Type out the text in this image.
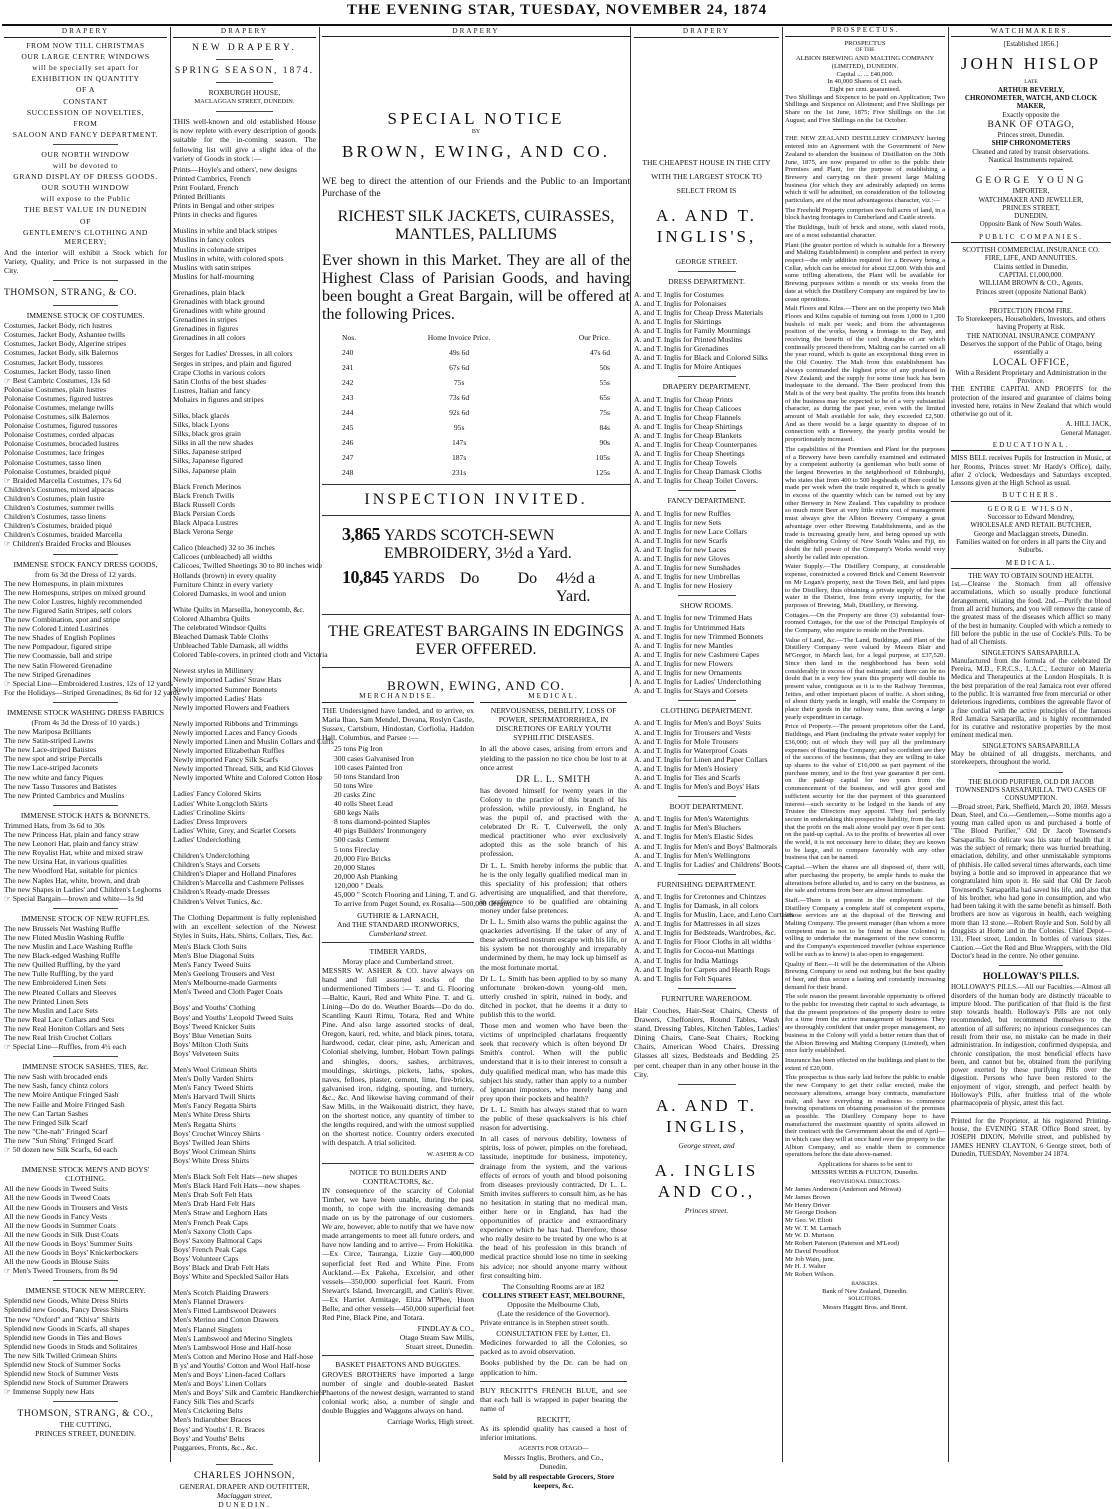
THE EVENING STAR, TUESDAY, NOVEMBER 24, 1874
DRAPERY
FROM NOW TILL CHRISTMAS
OUR LARGE CENTRE WINDOWS
will be specially set apart for
EXHIBITION IN QUANTITY
OF A
CONSTANT
SUCCESSION OF NOVELTIES,
FROM
SALOON AND FANCY DEPARTMENT.
OUR NORTH WINDOW
will be devoted to
GRAND DISPLAY OF DRESS GOODS.
OUR SOUTH WINDOW
will expose to the Public
THE BEST VALUE IN DUNEDIN
OF
GENTLEMEN'S CLOTHING AND MERCERY;
And the interior will exhibit a Stock which for Variety, Quality, and Price is not surpassed in the City.
THOMSON, STRANG, & CO.
IMMENSE STOCK OF COSTUMES.
Costumes, Jacket Body, rich lustres
Costumes, Jacket Body, Ashantee twills
Costumes, Jacket Body, Algerine stripes
Costumes, Jacket Body, silk Balernos
Costumes, Jacket Body, tussores
Costumes, Jacket Body, tasso linen
☞ Best Cambric Costumes, 13s 6d
Polonaise Costumes, plain lustres
Polonaise Costumes, figured lustres
Polonaise Costumes, melange twills
Polonaise Costumes, silk Balernos
Polonaise Costumes, figured tussores
Polonaise Costumes, corded alpacas
Polonaise Costumes, brocaded lustres
Polonaise Costumes, lace fringes
Polonaise Costumes, tasso linen
Polonaise Costumes, braided piqué
☞ Braided Marcella Costumes, 17s 6d
Children's Costumes, mixed alpacas
Children's Costumes, plain lustre
Children's Costumes, summer twills
Children's Costumes, tasso linens
Children's Costumes, braided piqué
Children's Costumes, braided Marcella
☞ Children's Braided Frocks and Blouses
IMMENSE STOCK FANCY DRESS GOODS,
from 6s 3d the Dress of 12 yards.
The new Homespuns, in plain mixtures
The new Homespuns, stripes on mixed ground
The new Color Lustres, highly recommended
The new Figured Satin Stripes, self colors
The new Combination, spot and stripe
The new Colored Linted Lustrines
The new Shades of English Poplines
The new Pompadour, figured stripe
The new Coomassie, ball and stripe
The new Satin Flowered Grenadine
The new Striped Grenadines
☞ Special Line—Embroidered Lustres, 12s of 12 yards
For the Holidays—Striped Grenadines, 8s 6d for 12 yards
IMMENSE STOCK WASHING DRESS FABRICS
(From 4s 3d the Dress of 10 yards.)
The new Mariposa Brilliants
The new Satin-striped Lawns
The new Lace-striped Batistes
The new spot and stripe Percalls
The new Lace-striped Jaconets
The new white and fancy Piques
The new Tasso Tussores and Batistes
The new Printed Cambrics and Muslins
IMMENSE STOCK HATS & BONNETS.
Trimmed Hats, from 3s 6d to 30s
The new Princess Hat, plain and fancy straw
The new Leonori Hat, plain and fancy straw
The new Royalist Hat, white and mixed straw
The new Ursina Hat, in various qualities
The new Woodford Hat, suitable for picnics
The new Naples Hat, white, brown, and drab
The new Shapes in Ladies' and Children's Leghorns
☞ Special Bargain—brown and white—1s 9d
IMMENSE STOCK OF NEW RUFFLES.
The new Brussels Net Washing Ruffle
The new Fluted Muslin Washing Ruffle
The new Muslin and Lace Washing Ruffle
The new Black-edged Washing Ruffle
The new Quilled Ruffling, by the yard
The new Tulle Ruffling, by the yard
The new Embroidered Linen Sets
The new Pleated Collars and Sleeves
The new Printed Linen Sets
The new Muslin and Lace Sets
The new Real Lace Collars and Sets
The new Real Honiton Collars and Sets
The new Real Irish Crochet Collars
☞ Special Line—Ruffles, from 4½ each
IMMENSE STOCK SASHES, TIES, &c.
The new Sash with brocaded ends
The new Sash, fancy chintz colors
The new Moire Antique Fringed Sash
The new Faille and Moire Fringed Sash
The new Can Tartan Sashes
The new Fringed Silk Scarf
The new "Che-nah" Fringed Scarf
The new "Sun Shing" Fringed Scarf
☞ 50 dozen new Silk Scarfs, 6d each
IMMENSE STOCK MEN'S AND BOYS' CLOTHING.
All the new Goods in Tweed Suits
All the new Goods in Tweed Coats
All the new Goods in Trousers and Vests
All the new Goods in Fancy Vests
All the new Goods in Summer Coats
All the new Goods in Silk Dust Coats
All the new Goods in Boys' Summer Suits
All the new Goods in Boys' Knickerbockers
All the new Goods in Blouse Suits
☞ Men's Tweed Trousers, from 8s 9d
IMMENSE STOCK NEW MERCERY.
Splendid new Goods, White Dress Shirts
Splendid new Goods, Fancy Dress Shirts
The new "Oxford" and "Khiva" Shirts
Splendid new Goods in Scarfs, all shapes
Splendid new Goods in Ties and Bows
Splendid new Goods in Studs and Solitaires
The new Silk Twilled Crimean Shirts
Splendid new Stock of Summer Socks
Splendid new Stock of Summer Vests
Splendid new Stock of Summer Drawers
☞ Immense Supply new Hats
THOMSON, STRANG, & CO.,
THE CUTTING,
PRINCES STREET, DUNEDIN.
DRAPERY
NEW DRAPERY.
SPRING SEASON, 1874.
ROXBURGH HOUSE,
MACLAGGAN STREET, DUNEDIN.
THIS well-known and old established House is now replete with every description of goods suitable for the in-coming season. The following list will give a slight idea of the variety of Goods in stock :—
Prints—Hoyle's and others', new designs
Printed Cambrics, French
Print Foulard, French
Printed Brilliants
Prints in Bengal and other stripes
Prints in checks and figures
Muslins in white and black stripes
Muslins in fancy colors
Muslins in colonade stripes
Muslins in white, with colored spots
Muslins with satin stripes
Muslins for half-mourning
Grenadines, plain black
Grenadines with black ground
Grenadines with white ground
Grenadines in stripes
Grenadines in figures
Grenadines in all colors
Serges for Ladies' Dresses, in all colors
Serges in stripes, and plain and figured
Crape Cloths in various colors
Satin Cloths of the best shades
Lustres, Italian and fancy
Mohairs in figures and stripes
Silks, black glacés
Silks, black Lyons
Silks, black gros grain
Silks in all the new shades
Silks, Japanese striped
Silks, Japanese figured
Silks, Japanese plain
Black French Merinos
Black French Twills
Black Russell Cords
Black Persian Cords
Black Alpaca Lustres
Black Verona Serge
Calico (bleached) 32 to 36 inches
Calicoes (unbleached) all widths
Calicoes, Twilled Sheetings 30 to 80 inches wide
Hollands (brown) in every quality
Furniture Chintz in every variety
Colored Damasks, in wool and union
White Quilts in Marseilla, honeycomb, &c.
Colored Alhambra Quilts
The celebrated Windsor Quilts
Bleached Damask Table Cloths
Unbleached Table Damask, all widths
Colored Table-covers, in printed cloth and Victoria
Newest styles in Millinery
Newly imported Ladies' Straw Hats
Newly imported Summer Bonnets
Newly imported Ladies' Hats
Newly imported Flowers and Feathers
Newly imported Ribbons and Trimmings
Newly imported Laces and Fancy Goods
Newly imported Linen and Muslin Collars and Cuffs
Newly imported Elizabethan Ruffles
Newly imported Fancy Silk Scarfs
Newly imported Thread, Silk, and Kid Gloves
Newly imported White and Colored Cotton Hose
Ladies' Fancy Colored Skirts
Ladies' White Longcloth Skirts
Ladies' Crinoline Skirts
Ladies' Dress Improvers
Ladies' White, Grey, and Scarlet Corsets
Ladies' Underclothing
Children's Underclothing
Children's Stays and Corsets
Children's Diaper and Holland Pinafores
Children's Marcella and Cashmere Pelisses
Children's Ready-made Dresses
Children's Velvet Tunics, &c.
The Clothing Department is fully replenished with an excellent selection of the Newest Styles in Suits, Hats, Shirts, Collars, Ties, &c.
Men's Black Cloth Suits
Men's Blue Diagonal Suits
Men's Fancy Tweed Suits
Men's Geelong Trousers and Vest
Men's Melbourne-made Garments
Men's Tweed and Cloth Paget Coats
Boys' and Youths' Clothing
Boys' and Youths' Leopold Tweed Suits
Boys' Tweed Knicker Suits
Boys' Blue Venetian Suits
Boys' Milton Cloth Suits
Boys' Velveteen Suits
Men's Wool Crimean Shirts
Men's Dolly Varden Shirts
Men's Fancy Tweed Shirts
Men's Harvard Twill Shirts
Men's Fancy Regatta Shirts
Men's White Dress Shirts
Men's Regatta Shirts
Boys' Crochet Wincey Shirts
Boys' Twilled Jean Shirts
Boys' Wool Crimean Shirts
Boys' White Dress Shirts
Men's Black Soft Felt Hats—new shapes
Men's Black Hard Felt Hats—new shapes
Men's Drab Soft Felt Hats
Men's Drab Hard Felt Hats
Men's Straw and Leghorn Hats
Men's French Peak Caps
Men's Saxony Cloth Caps
Boys' Saxony Balmoral Caps
Boys' French Peak Caps
Boys' Volunteer Caps
Boys' Black and Drab Felt Hats
Boys' White and Speckled Sailor Hats
Men's Scotch Plaiding Drawers
Men's Flannel Drawers
Men's Fitted Lambswool Drawers
Men's Merino and Cotton Drawers
Men's Flannel Singlets
Men's Lambswool and Merino Singlets
Men's Lambswool Hose and Half-hose
Men's Cotton and Merino Hose and Half-hose
B ys' and Youths' Cotton and Wool Half-hose
Men's and Boys' Linen-faced Collars
Men's and Boys' Linen Collars
Men's and Boys' Silk and Cambric Handkerchiefs
Fancy Silk Ties and Scarfs
Men's Cricketing Belts
Men's Indiarubber Braces
Boys' and Youths' I. R. Braces
Boys' and Youths' Belts
Puggarees, Fronts, &c., &c.
CHARLES JOHNSON,
GENERAL DRAPER AND OUTFITTER,
Maclaggan street,
DUNEDIN.
DRAPERY
SPECIAL NOTICE
BY
BROWN, EWING, AND CO.
WE beg to direct the attention of our Friends and the Public to an Important Purchase of the
RICHEST SILK JACKETS, CUIRASSES, MANTLES, PALLIUMS
Ever shown in this Market. They are all of the Highest Class of Parisian Goods, and having been bought a Great Bargain, will be offered at the following Prices.
Nos.	Home Invoice Price.	Our Price.
240	49s 6d	47s 6d
241	67s 6d	50s
242	75s	55s
243	73s 6d	65s
244	92s 6d	75s
245	95s	84s
246	147s	90s
247	187s	105s
248	231s	125s
INSPECTION INVITED.
3,865 YARDS SCOTCH-SEWN EMBROIDERY, 3½d a Yard.
10,845 YARDS Do	Do	4½d a Yard.
THE GREATEST BARGAINS IN EDGINGS EVER OFFERED.
BROWN, EWING, AND CO.
MERCHANDISE.
THE Undersigned have landed, and to arrive, ex Maria Ihao, Sam Mendel, Dovana, Roslyn Castle, Sussex, Cartsburn, Hindostan, Corfiolia, Haddon Hall, Columbus, and Parsee :—
25 tons Pig Iron
300 cases Galvanised Iron
100 cases Painted Iron
50 tons Standard Iron
50 tons Wire
20 casks Zinc
40 rolls Sheet Lead
680 kegs Nails
8 tons diamond-pointed Staples
40 pigs Builders' Ironmongery
500 casks Cement
5 tons Fireclay
20,000 Fire Bricks
20,000 Slates
20,000 Ash Planking
120,000 " Deals
45,000 " Scotch Flooring and Lining, T. and G.
To arrive from Puget Sound, ex Rosalia—500,000 Oregon.
GUTHRIE & LARNACH,
And THE STANDARD IRONWORKS,
Cumberland street.
TIMBER YARDS,
Moray place and Cumberland street.
MESSRS W. ASHER & CO. have always on hand and full assorted stocks of the undermentioned Timbers :— T. and G. Flooring—Baltic, Kauri, Red and White Pine. T. and G. Lining—Do do do. Weather Boards—Do do do. Scantling Kauri Rimu, Totara, Red and White Pine. And also large assorted stocks of deal, Oregon, kauri, red, white, and black pines, totara, hardwood, cedar, clear pine, ash, American and Colonial shelving, lumber, Hobart Town palings and shingles, doors, sashes, architraves, mouldings, skirtings, pickets, laths, spokes, naves, felloes, plaster, cement, lime, fire-bricks, galvanised iron, ridging, spouting, and turnery, &c., &c. And likewise having command of their Saw Mills, in the Waikouaiti district, they have, on the shortest notice, any quantity of timber to the lengths required, and with the utmost supplied on the shortest notice. Country orders executed with despatch. A trial solicited.
W. ASHER & CO
NOTICE TO BUILDERS AND CONTRACTORS, &c.
IN consequence of the scarcity of Colonial Timber, we have been unable, during the past month, to cope with the increasing demands made on us by the patronage of our customers. We are, however, able to notify that we have now made arrangements to meet all future orders, and have now landing and to arrive— From Hokitika.—Ex Circe, Tauranga, Lizzie Guy—400,000 superficial feet Red and White Pine. From Auckland.—Ex Pakeha, Excelsior, and other vessels—350,000 superficial feet Kauri. From Stewart's Island, Invercargill, and Catlin's River.—Ex Harriet Armitage, Eliza M'Phee, Huon Belle, and other vessels—450,000 superficial feet Red Pine, Black Pine, and Totara.
FINDLAY & CO.,
Otago Steam Saw Mills,
Stuart street, Dunedin.
BASKET PHAETONS AND BUGGIES.
GROVES BROTHERS have imported a large number of single and double-seated Basket Phaetons of the newest design, warranted to stand colonial work; also, a number of single and double Buggies and Waggons always on hand.
Carriage Works, High street.
MEDICAL.
NERVOUSNESS, DEBILITY, LOSS OF POWER, SPERMATORRHŒA, IN DISCRETIONS OF EARLY YOUTH SYPHILITIC DISEASES.
In all the above cases, arising from errors and yielding to the passion no tice chou be lost to at once arrest
DR L. L. SMITH
has devoted himself for twenty years in the Colony to the practice of this branch of his profession, while previously, in England, he was the pupil of, and practised with the celebrated Dr R. T. Culverwell, the only medical practitioner who ever exclusively adopted this as the sole branch of his profession.
Dr L. L. Smith hereby informs the public that he is the only legally qualified medical man in this speciality of his profession; that others advertising are unqualified, and that therefore, in preference to be qualified are obtaining money under false pretences.
Dr L. L. Smith also warns the public against the quackeries advertising. If the taker of any of these advertised nostrum escape with his life, or his system be not thoroughly and irreparably undermined by them, he may lock up himself as the most fortunate mortal.
Dr L. L. Smith has been applied to by so many unfortunate broken-down young-old men, utterly crushed in spirit, ruined in body, and ditched in pocket, that he deems it a duty to publish this to the world.
Those men and women who have been the victims of unprincipled charlatans frequently seek that recovery which is often beyond Dr Smith's control. When will the public understand that it is to their interest to consult a duly qualified medical man, who has made this subject his study, rather than apply to a number of ignorant impostors, who merely hang and prey upon their pockets and health?
Dr L. L. Smith has always stated that to warn the public of these quacksalvers is his chief reason for advertising.
In all cases of nervous debility, lowness of spirits, loss of power, pimples on the forehead, lassitude, ineptitude for business, impotency, drainage from the system, and the various effects of errors of youth and blood poisoning from diseases previously contracted, Dr L. L. Smith invites sufferers to consult him, as he has no hesitation in stating that no medical man, either here or in England, has had the opportunities of practice and extraordinary experience which he has had. Therefore, those who really desire to be treated by one who is at the head of his profession in this branch of medical practice should lose no time in seeking his advice; nor should anyone marry without first consulting him.
The Consulting Rooms are at 182
COLLINS STREET EAST, MELBOURNE,
Opposite the Melbourne Club,
(Late the residence of the Governor).
Private entrance is in Stephen street south.
CONSULTATION FEE by Letter, £1.
Medicines forwarded to all the Colonies, so packed as to avoid observation.
Books published by the Dr. can be had on application to him.
BUY RECKITT'S FRENCH BLUE, and see that each ball is wrapped in paper bearing the name of
RECKITT,
As its splendid quality has caused a host of inferior imitations.
AGENTS FOR OTAGO—
Messrs Inglis, Brothers, and Co.,
Dunedin.
Sold by all respectable Grocers, Store keepers, &c.
DRAPERY
THE CHEAPEST HOUSE IN THE CITY
WITH THE LARGEST STOCK TO
SELECT FROM IS
A. AND T. INGLIS'S,
GEORGE STREET.
DRESS DEPARTMENT.
A. and T. Inglis for Costumes
A. and T. Inglis for Polonaises
A. and T. Inglis for Cheap Dress Materials
A. and T. Inglis for Skirtings
A. and T. Inglis for Family Mournings
A. and T. Inglis for Printed Muslins
A. and T. Inglis for Grenadines
A. and T. Inglis for Black and Colored Silks
A. and T. Inglis for Moire Antiques
DRAPERY DEPARTMENT.
A. and T. Inglis for Cheap Prints
A. and T. Inglis for Cheap Calicoes
A. and T. Inglis for Cheap Flannels
A. and T. Inglis for Cheap Shirtings
A. and T. Inglis for Cheap Blankets
A. and T. Inglis for Cheap Counterpanes
A. and T. Inglis for Cheap Sheetings
A. and T. Inglis for Cheap Towels
A. and T. Inglis for Cheap Damask Cloths
A. and T. Inglis for Cheap Toilet Covers.
FANCY DEPARTMENT.
A. and T. Inglis for new Ruffles
A. and T. Inglis for new Sets
A. and T. Inglis for new Lace Collars
A. and T. Inglis for new Scarfs
A. and T. Inglis for new Laces
A. and T. Inglis for new Gloves
A. and T. Inglis for new Sunshades
A. and T. Inglis for new Umbrellas
A. and T. Inglis for new Hosiery
SHOW ROOMS.
A. and T. Inglis for new Trimmed Hats
A. and T. Inglis for Untrimmed Hats
A. and T. Inglis for new Trimmed Bonnets
A. and T. Inglis for new Mantles
A. and T. Inglis for new Cashmere Capes
A. and T. Inglis for new Flowers
A. and T. Inglis for new Ornaments
A. and T. Inglis for Ladies' Underclothing
A. and T. Inglis for Stays and Corsets
CLOTHING DEPARTMENT.
A. and T. Inglis for Men's and Boys' Suits
A. and T. Inglis for Trousers and Vests
A. and T. Inglis for Mole Trousers
A. and T. Inglis for Waterproof Coats
A. and T. Inglis for Linen and Paper Collars
A. and T. Inglis for Men's Hosiery
A. and T. Inglis for Ties and Scarfs
A. and T. Inglis for Men's and Boys' Hats
BOOT DEPARTMENT.
A. and T. Inglis for Men's Watertights
A. and T. Inglis for Men's Bluchers
A. and T. Inglis for Men's Elastic Sides
A. and T. Inglis for Men's and Boys' Balmorals
A. and T. Inglis for Men's Wellingtons
A. and T. Inglis for Ladies' and Childrens' Boots.
FURNISHING DEPARTMENT.
A. and T. Inglis for Cretonnes and Chintzes
A. and T. Inglis for Damask, in all colors
A. and T. Inglis for Muslin, Lace, and Leno Curtains
A. and T. Inglis for Mattresses in all sizes
A. and T. Inglis for Bedsteads, Wardrobes, &c.
A. and T. Inglis for Floor Cloths in all widths
A. and T. Inglis for Cocoa-nut Mattings
A. and T. Inglis for India Mattings
A. and T. Inglis for Carpets and Hearth Rugs
A. and T. Inglis for Felt Squares
FURNITURE WAREROOM.
Hair Couches, Hair-Seat Chairs, Chests of Drawers, Cheffoniers, Round Tables, Wash stand, Dressing Tables, Kitchen Tables, Ladies' Dining Chairs, Cane-Seat Chairs, Rocking Chairs, American Wood Chairs, Dressing Glasses all sizes, Bedsteads and Bedding 25 per cent. cheaper than in any other house in the City.
A. AND T. INGLIS,
George street, and
A. INGLIS AND CO.,
Princes street.
PROSPECTUS.
PROSPECTUS
OF THE
ALBION BREWING AND MALTING COMPANY (LIMITED), DUNEDIN.
Capital ... ... £40,000.
In 40,000 Shares of £1 each.
Eight per cent. guaranteed.
Two Shillings and Sixpence to be paid on Application; Two Shillings and Sixpence on Allotment; and Five Shillings per Share on the 1st June, 1875; Five Shillings on the 1st August; and Five Shillings on the 1st October.
THE NEW ZEALAND DISTILLERY COMPANY having entered into an Agreement with the Government of New Zealand to abandon the business of Distillation on the 30th June, 1875, are now prepared to offer to the public their Premises and Plant, for the purpose of establishing a Brewery and carrying on their present large Malting business (for which they are admirably adapted) on terms which it will be admitted, on consideration of the following particulars, are of the most advantageous character, viz.:—
The Freehold Property comprises two full acres of land, in a block having frontages to Cumberland and Castle streets.
The Buildings, built of brick and stone, with slated roofs, are of a most substantial character.
Plant (the greater portion of which is suitable for a Brewery and Malting Establishment) is complete and perfect in every respect—the only addition required for a Brewery being a Cellar, which can be erected for about £2,000. With this and some trifling alterations, the Plant will be available for Brewing purposes within a month or six weeks from the date at which the Distillery Company are required by law to cease operations.
Malt Floors and Kilns.—There are on the property two Malt Floors and Kilns capable of turning out from 1,000 to 1,200 bushels of malt per week; and from the advantageous position of the works, having a frontage to the Bay, and receiving the benefit of the cool draughts of air which continually proceed therefrom, Malting can be carried on all the year round, which is quite an exceptional thing even in the Old Country. The Malt from this establishment has always commanded the highest price of any produced in New Zealand; and the supply for some time back has been inadequate to the demand. The Beer produced from this Malt is of the very best quality. The profits from this branch of the business may be expected to be of a very substantial character, as during the past year, even with the limited amount of Malt available for sale, they exceeded £2,500. And as there would be a large quantity to dispose of in connection with a Brewery, the yearly profits would be proportionately increased.
The capabilities of the Premises and Plant for the purposes of a Brewery have been carefully examined and estimated by a competent authority (a gentleman who built some of the largest Breweries in the neighborhood of Edinburgh), who states that from 400 to 500 hogsheads of Beer could be made per week when the trade required it, which is greatly in excess of the quantity which can be turned out by any other Brewery in New Zealand. This capability to produce so much more Beer at very little extra cost of management must always give the Albion Brewery Company a great advantage over other Brewing Establishments, and as the trade is increasing greatly here, and being opened up with the neighboring Colony of New South Wales and Fiji, no doubt the full power of the Company's Works would very shortly be called into operation.
Water Supply.—The Distillery Company, at considerable expense, constructed a covered Brick and Cement Reservoir on Mr Logan's property, next the Town Belt, and laid pipes to the Distillery, thus obtaining a private supply of the best water in the District, free from every impurity, for the purposes of Brewing, Malt, Distillery, or Brewing.
Cottages.—On the Property are three (3) substantial four-roomed Cottages, for the use of the Principal Employés of the Company, who require to reside on the Premises.
Value of Land, &c.—The Land, Buildings, and Plant of the Distillery Company were valued by Messrs Blair and M'Gregor, in March last, for a legal purpose, at £37,520. Since then land in the neighborhood has been sold considerably in excess of that estimate; and there can be no doubt that in a very few years this property will double its present value, contiguous as it is to the Railway Terminus, Jetties, and other important places of traffic. A short siding, of about thirty yards in length, will enable the Company to place their goods in the railway vans, thus saving a large yearly expenditure in cartage.
Price of Property.—The present proprietors offer the Land, Buildings, and Plant (including the private water supply) for £36,000; out of which they will pay all the preliminary expenses of floating the Company; and so confident are they of the success of the business, that they are willing to take up shares to the value of £16,000 as part payment of the purchase money, and to the first year guarantee 8 per cent. on the paid-up capital for two years from the commencement of the business, and will give good and sufficient security for the due payment of this guaranteed interest—such security to be lodged in the hands of any Trustee the Directors may appoint. They feel perfectly secure in undertaking this prospective liability, from the fact that the profit on the malt alone would pay over 8 per cent. on the paid-up capital. As to the profits of breweries all over the world, it is not necessary here to dilate; they are known to be large, and to compare favorably with any other business that can be named.
Capital.—When the shares are all disposed of, there will, after purchasing the property, be ample funds to make the alterations before alluded to, and to carry on the business, as the sale and returns from beer are almost immediate.
Staff.—There is at present in the employment of the Distillery Company a complete staff of competent experts, whose services are at the disposal of the Brewing and Malting Company. The present manager (than whom a more competent man is not to be found in these Colonies) is willing to undertake the management of the new concern; and the Company's experienced traveller (whose experience will be such as to know) is also open to engagement.
Quality of Beer.—It will be the determination of the Albion Brewing Company to send out nothing but the best quality of beer, and thus secure a lasting and constantly increasing demand for their brand.
The sole reason the present favorable opportunity is offered to the public for investing their capital to such advantage, is that the present proprietors of the property desire to retire for a time from the active management of business. They are thoroughly confident that under proper management, no business in the Colony will yield a better return than that of the Albion Brewing and Malting Company (Limited), when once fairly established.
Insurance has been effected on the buildings and plant to the extent of £20,000.
This prospectus is thus early laid before the public to enable the new Company to get their cellar erected, make the necessary alterations, arrange busy contracts, manufacture malt, and have everything in readiness to commence brewing operations on obtaining possession of the premises as possible. The Distillery Company hope to have manufactured the maximum quantity of spirits allowed in their contract with the Government about the end of April—in which case they will at once hand over the property to the Albion Company, and so enable them to commence operations before the date above-named.
Applications for shares to be sent to
MESSRS WEBB & FULTON, Dunedin.
PROVISIONAL DIRECTORS.
Mr James Anderson (Anderson and Mowat)
Mr James Brown
Mr Henry Driver
Mr George Dodson
Mr Geo. W. Eliott
Mr W. T. M. Larnach
Mr W. D. Murison
Mr Robert Paterson (Paterson and M'Leod)
Mr David Proudfoot
Mr Job Wain, junr.
Mr H. J. Walter
Mr Robert Wilson.
BANKERS.
Bank of New Zealand, Dunedin.
SOLICITORS.
Messrs Haggitt Bros. and Brent.
WATCHMAKERS.
[Established 1856.]
JOHN HISLOP
LATE
ARTHUR BEVERLY,
CHRONOMETER, WATCH, AND CLOCK MAKER,
Exactly opposite the
BANK OF OTAGO,
Princes street, Dunedin.
SHIP CHRONOMETERS
Cleaned and rated by transit observations.
Nautical Instruments repaired.
GEORGE YOUNG
IMPORTER,
WATCHMAKER AND JEWELLER,
PRINCES STREET,
DUNEDIN,
Opposite Bank of New South Wales.
PUBLIC COMPANIES.
SCOTTISH COMMERCIAL INSURANCE CO.
FIRE, LIFE, AND ANNUITIES.
Claims settled in Dunedin.
CAPITAL £1,000,000.
WILLIAM BROWN & CO., Agents,
Princes street (opposite National Bank)
PROTECTION FROM FIRE.
To Storekeepers, Householders, Investors, and others having Property at Risk.
THE NATIONAL INSURANCE COMPANY
Deserves the support of the Public of Otago, being essentially a
LOCAL OFFICE,
With a Resident Proprietary and Administration in the Province.
THE ENTIRE CAPITAL AND PROFITS for the protection of the insured and guarantee of claims being invested here, retains in New Zealand that which would otherwise go out of it.
A. HILL JACK,
General Manager.
EDUCATIONAL.
MISS BELL receives Pupils for Instruction in Music, at her Rooms, Princes street Mr Hardy's Office), daily, after 2 o'clock, Wednesdays and Saturdays excepted. Lessons given at the High School as usual.
BUTCHERS.
GEORGE WILSON,
Successor to Edward Mendrey,
WHOLESALE AND RETAIL BUTCHER,
George and Maclaggan streets, Dunedin.
Families waited on for orders in all parts the City and Suburbs.
MEDICAL.
THE WAY TO OBTAIN SOUND HEALTH.
1st.—Cleanse the Stomach from all offensive accumulations, which so usually produce functional derangement, vitiating the food. 2nd.—Purify the blood from all acrid humors, and you will remove the cause of the greatest mass of the diseases which afflict so many of the best in humanity. Coupled with which a remedy to fill before the public in the use of Cockle's Pills. To be had of all Chemists.
SINGLETON'S SARSAPARILLA.
Manufactured from the formula of the celebrated Dr Pereira, M.D., F.R.C.S., L.A.C., Lecturer on Materia Medica and Therapeutics at the London Hospitals. It is the best preparation of the real Jamaica root ever offered to the public. It is warranted free from mercurial or other deleterious ingredients, combines the agreeable flavor of a fine cordial with the active principles of the famous Red Jamaica Sarsaparilla, and is highly recommended for its curative and restorative properties by the most eminent medical men.
SINGLETON'S SARSAPARILLA
May be obtained of all druggists, merchants, and storekeepers, throughout the world.
THE BLOOD PURIFIER, OLD DR JACOB TOWNSEND'S SARSAPARILLA. TWO CASES OF CONSUMPTION.
—Broad street, Park, Sheffield, March 20, 1869. Messrs Dean, Steel, and Co.—Gentlemen,—Some months ago a young man called upon us and purchased a bottle of "The Blood Purifier," Old Dr Jacob Townsend's Sarsaparilla. So delicate was his state of health that it was the subject of remark; there was hurried breathing, emaciation, debility, and other unmistakable symptoms of phthisis. He called several times afterwards, each time buying a bottle and so improved in appearance that we congratulated him upon it. He said that Old Dr Jacob Townsend's Sarsaparilla had saved his life, and also that of his brother, who had gone in consumption, and who had been taking it with the same benefit as himself. Both brothers are now as vigorous in health, each weighing more than 13 stone.—Robert Royle and Son. Sold by all druggists at Home and in the Colonies. Chief Depot—131, Fleet street, London. In bottles of various sizes. Caution.—Get the Red and Blue Wrappers, with the Old Doctor's head in the centre. No other genuine.
HOLLOWAY'S PILLS.
HOLLOWAY'S PILLS.—All our Faculties.—Almost all disorders of the human body are distinctly traceable to impure blood. The purification of that fluid is the first step towards health. Holloway's Pills are not only recommended, but recommend themselves to the attention of all sufferers; no injurious consequences can result from their use, no mistake can be made in their administration. In indigestion, confirmed dyspepsia, and chronic constipation, the most beneficial effects have been, and cannot but be, obtained from the purifying power exerted by these purifying Pills over the digestion. Persons who have been restored to the enjoyment of vigor, strength, and perfect health by Holloway's Pills, after fruitless trial of the whole pharmacopœia of physic, attest this fact.
Printed for the Proprietor, at his registered Printing-house, the EVENING STAR Office Bond street, by JOSEPH DIXON, Melville street, and published by JAMES HENRY CLAYTON, 6 George street, both of Dunedin, TUESDAY, November 24 1874.
